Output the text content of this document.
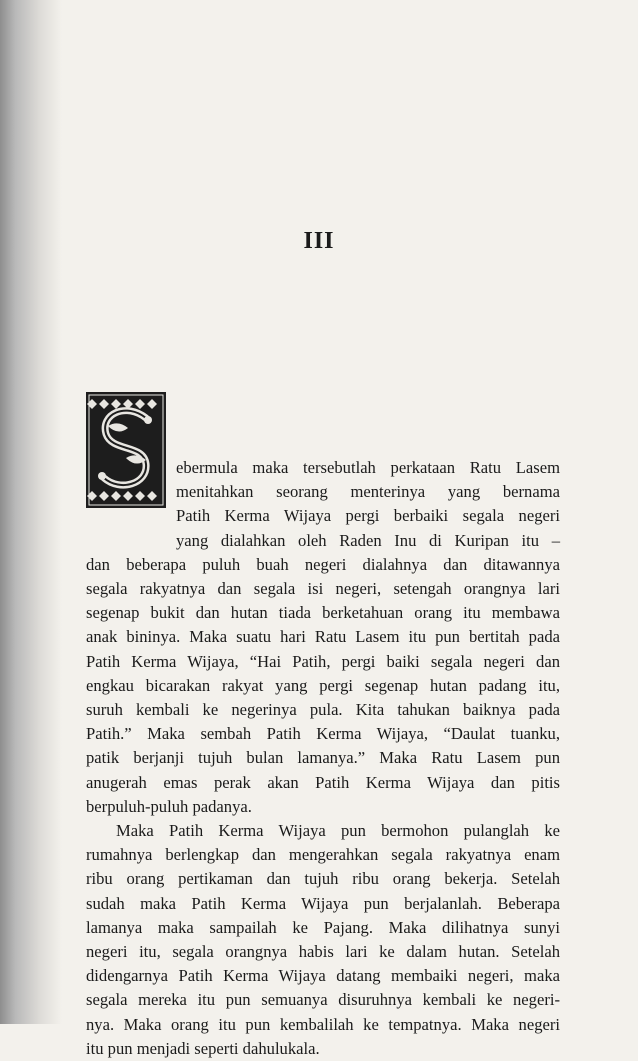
III
ebermula maka tersebutlah perkataan Ratu Lasem
menitahkan seorang menterinya yang bernama
Patih Kerma Wijaya pergi berbaiki segala negeri
yang dialahkan oleh Raden Inu di Kuripan itu –
dan beberapa puluh buah negeri dialahnya dan ditawannya
segala rakyatnya dan segala isi negeri, setengah orangnya lari
segenap bukit dan hutan tiada berketahuan orang itu membawa
anak bininya. Maka suatu hari Ratu Lasem itu pun bertitah pada
Patih Kerma Wijaya, “Hai Patih, pergi baiki segala negeri dan
engkau bicarakan rakyat yang pergi segenap hutan padang itu,
suruh kembali ke negerinya pula. Kita tahukan baiknya pada
Patih.” Maka sembah Patih Kerma Wijaya, “Daulat tuanku,
patik berjanji tujuh bulan lamanya.” Maka Ratu Lasem pun
anugerah emas perak akan Patih Kerma Wijaya dan pitis
berpuluh-puluh padanya.
Maka Patih Kerma Wijaya pun bermohon pulanglah ke
rumahnya berlengkap dan mengerahkan segala rakyatnya enam
ribu orang pertikaman dan tujuh ribu orang bekerja. Setelah
sudah maka Patih Kerma Wijaya pun berjalanlah. Beberapa
lamanya maka sampailah ke Pajang. Maka dilihatnya sunyi
negeri itu, segala orangnya habis lari ke dalam hutan. Setelah
didengarnya Patih Kerma Wijaya datang membaiki negeri, maka
segala mereka itu pun semuanya disuruhnya kembali ke negeri-
nya. Maka orang itu pun kembalilah ke tempatnya. Maka negeri
itu pun menjadi seperti dahulukala.
